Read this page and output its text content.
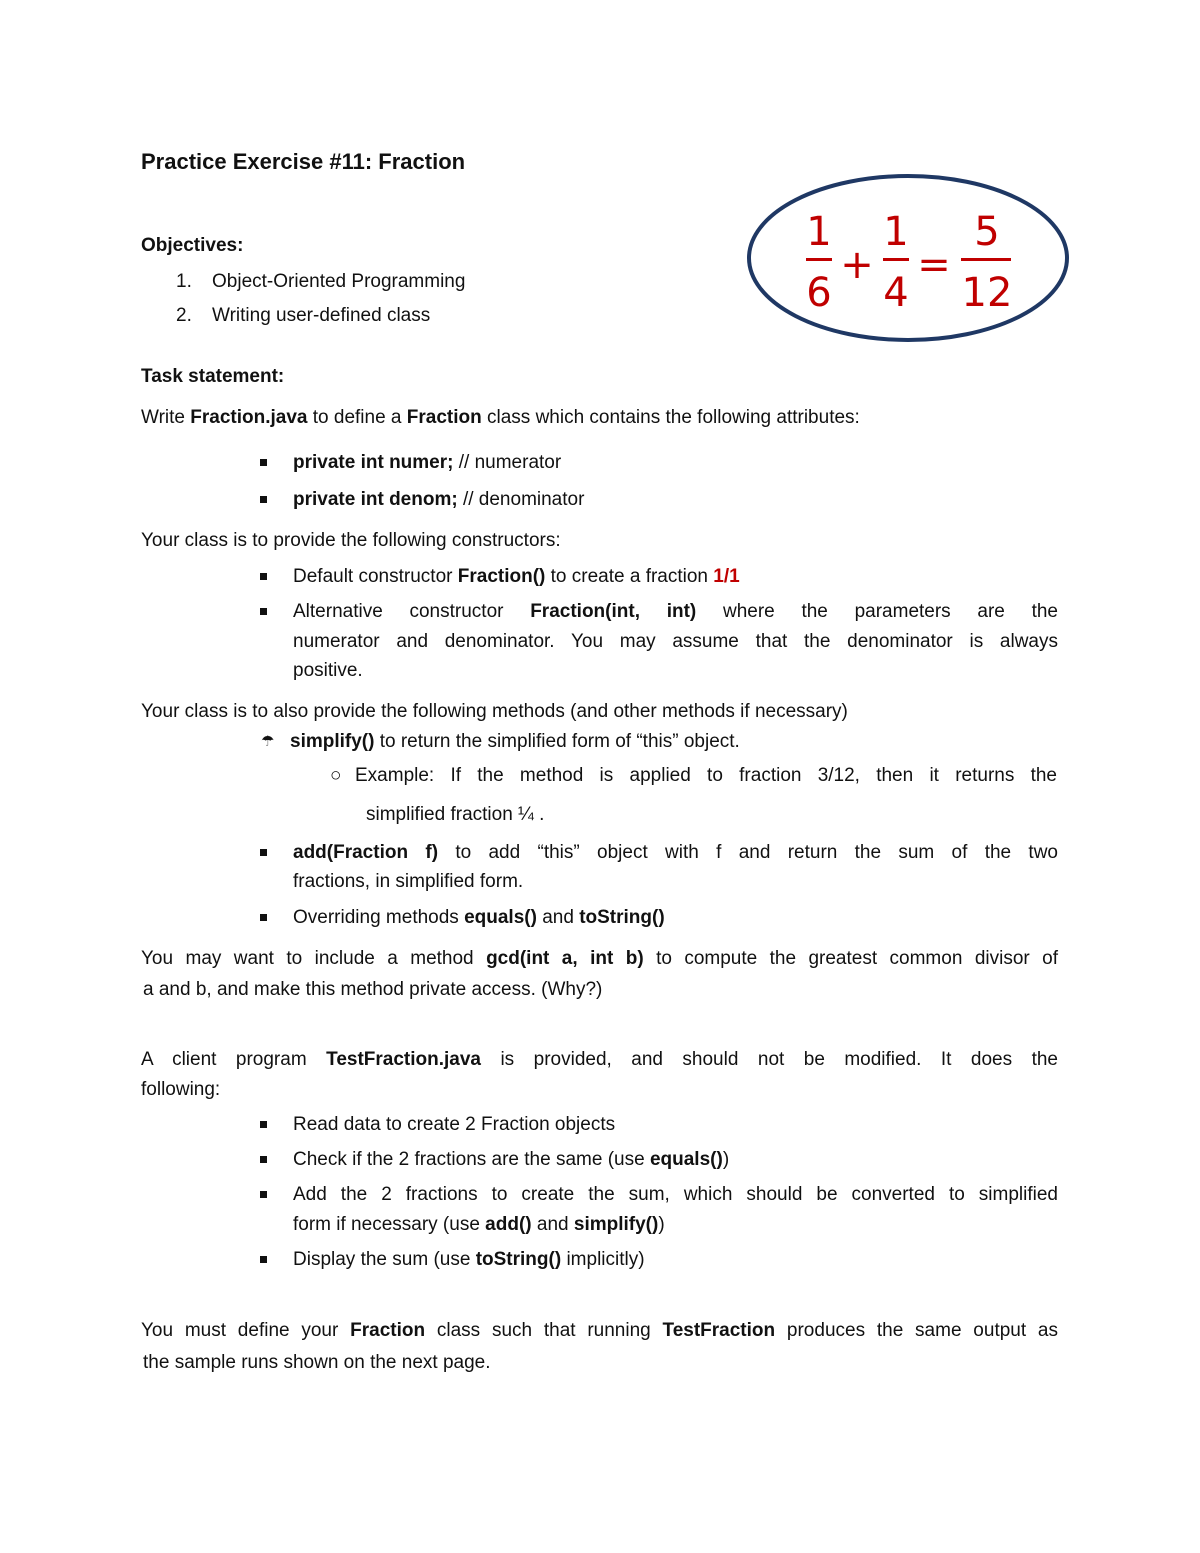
Practice Exercise #11: Fraction
Objectives:
1. Object-Oriented Programming
2. Writing user-defined class
1
6
+
1
4
=
5
12
Task statement:
Write Fraction.java to define a Fraction class which contains the following attributes:
private int numer; // numerator
private int denom; // denominator
Your class is to provide the following constructors:
Default constructor Fraction() to create a fraction 1/1
Alternative constructor Fraction(int, int) where the parameters are the
numerator and denominator. You may assume that the denominator is always
positive.
Your class is to also provide the following methods (and other methods if necessary)
☂ simplify() to return the simplified form of “this” object.
○ Example: If the method is applied to fraction 3/12, then it returns the
simplified fraction ¼ .
add(Fraction f) to add “this” object with f and return the sum of the two
fractions, in simplified form.
Overriding methods equals() and toString()
You may want to include a method gcd(int a, int b) to compute the greatest common divisor of
a and b, and make this method private access. (Why?)
A client program TestFraction.java is provided, and should not be modified. It does the
following:
Read data to create 2 Fraction objects
Check if the 2 fractions are the same (use equals())
Add the 2 fractions to create the sum, which should be converted to simplified
form if necessary (use add() and simplify())
Display the sum (use toString() implicitly)
You must define your Fraction class such that running TestFraction produces the same output as
the sample runs shown on the next page.
